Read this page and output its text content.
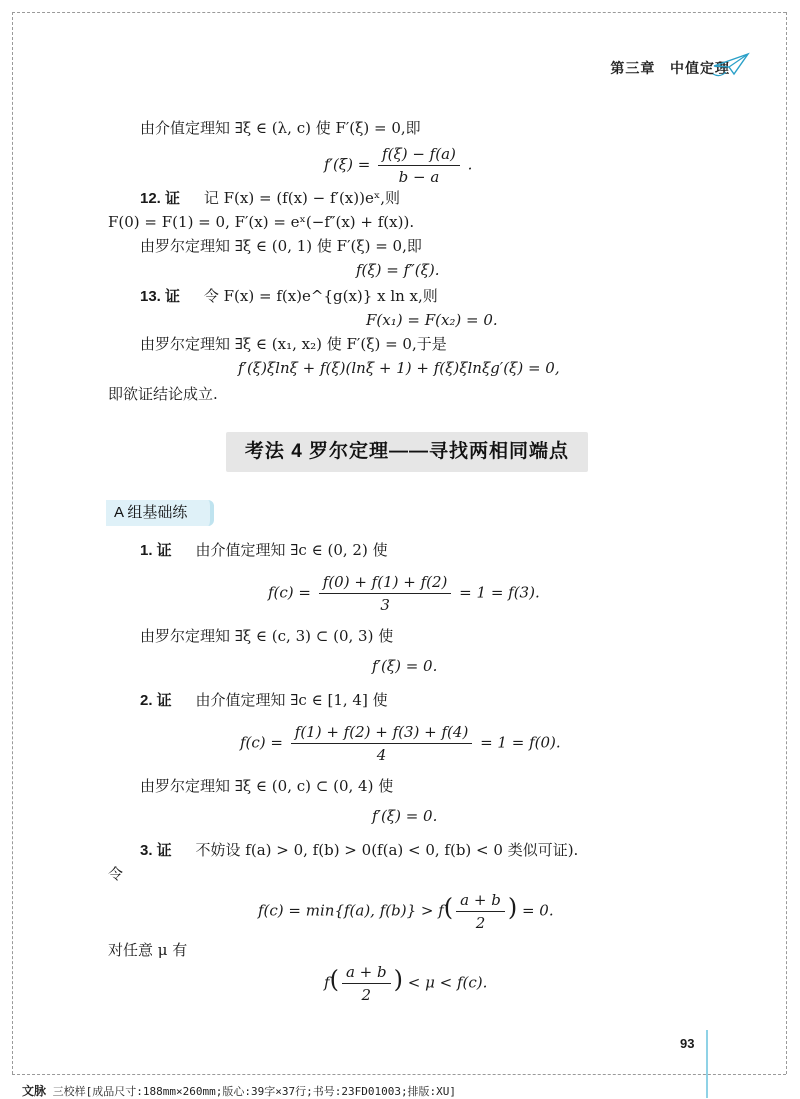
第三章 中值定理
由介值定理知 ∃ξ ∈ (λ, c) 使 F′(ξ) = 0,即
$f'(\xi) = \frac{f(\xi) - f(a)}{b - a}$ .
12. 证 记 F(x) = (f(x) − f′(x))eˣ,则
F(0) = F(1) = 0, F′(x) = eˣ(−f″(x) + f(x)).
由罗尔定理知 ∃ξ ∈ (0, 1) 使 F′(ξ) = 0,即
f(ξ) = f″(ξ).
13. 证 令 F(x) = f(x)e^{g(x)} x ln x,则
F(x₁) = F(x₂) = 0.
由罗尔定理知 ∃ξ ∈ (x₁, x₂) 使 F′(ξ) = 0,于是
f′(ξ)ξlnξ + f(ξ)(lnξ + 1) + f(ξ)ξlnξg′(ξ) = 0,
即欲证结论成立.
考法 4 罗尔定理——寻找两相同端点
A 组基础练
1. 证 由介值定理知 ∃c ∈ (0, 2) 使
$f(c) = \frac{f(0) + f(1) + f(2)}{3} = 1 = f(3)$.
由罗尔定理知 ∃ξ ∈ (c, 3) ⊂ (0, 3) 使
f′(ξ) = 0.
2. 证 由介值定理知 ∃c ∈ [1, 4] 使
$f(c) = \frac{f(1) + f(2) + f(3) + f(4)}{4} = 1 = f(0)$.
由罗尔定理知 ∃ξ ∈ (0, c) ⊂ (0, 4) 使
f′(ξ) = 0.
3. 证 不妨设 f(a) > 0, f(b) > 0(f(a) < 0, f(b) < 0 类似可证).
令
f(c) = min{f(a), $f(b)\} > f( \frac{a + b}{2}$ ) = 0.
对任意 μ 有
$f( \frac{a + b}{2}$ ) < μ < f(c).
93
文脉 三校样[成品尺寸:188mm×260mm;版心:39字×37行;书号:23FD01003;排版:XU]
